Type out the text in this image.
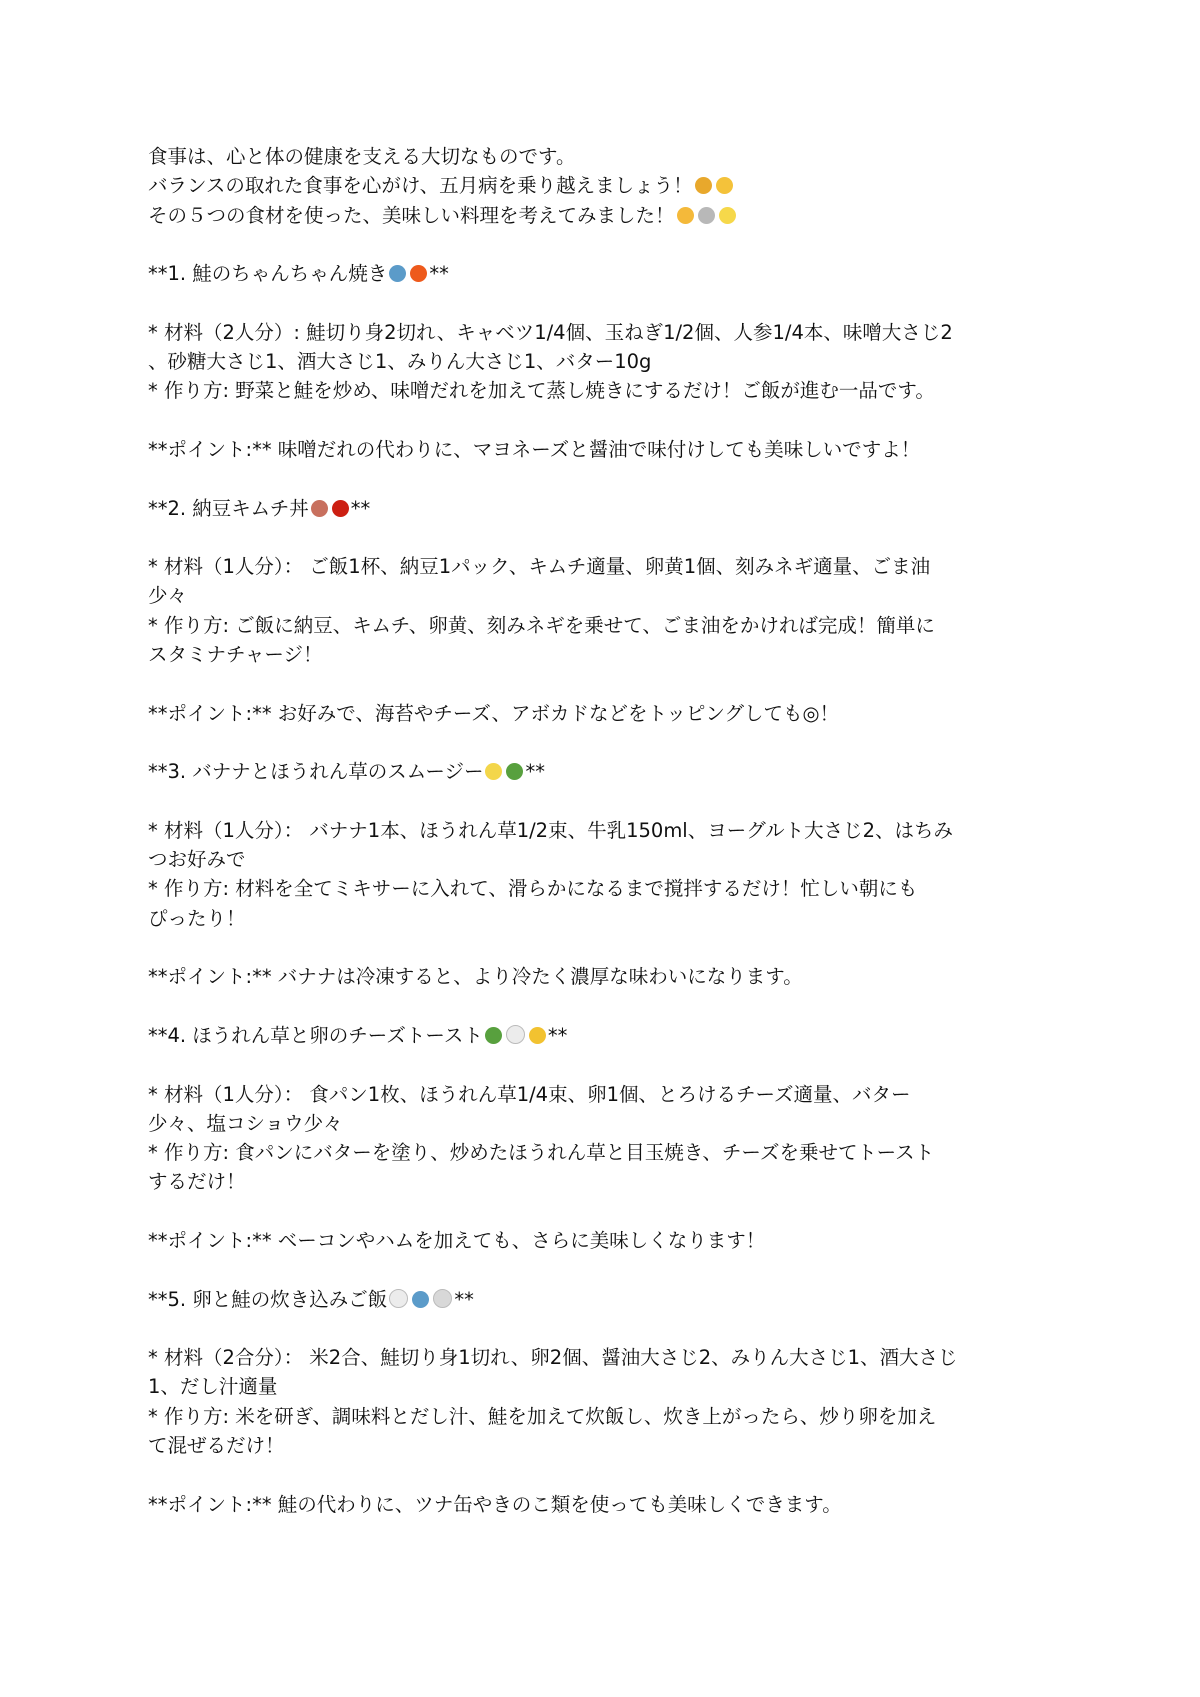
食事は、心と体の健康を支える大切なものです。
バランスの取れた食事を心がけ、五月病を乗り越えましょう！
その５つの食材を使った、美味しい料理を考えてみました！
**1. 鮭のちゃんちゃん焼き **
* 材料（2人分）: 鮭切り身2切れ、キャベツ1/4個、玉ねぎ1/2個、人参1/4本、味噌大さじ2
、砂糖大さじ1、酒大さじ1、みりん大さじ1、バター10g
* 作り方: 野菜と鮭を炒め、味噌だれを加えて蒸し焼きにするだけ！ご飯が進む一品です。
**ポイント:** 味噌だれの代わりに、マヨネーズと醤油で味付けしても美味しいですよ！
**2. 納豆キムチ丼 **
* 材料（1人分）： ご飯1杯、納豆1パック、キムチ適量、卵黄1個、刻みネギ適量、ごま油
少々
* 作り方: ご飯に納豆、キムチ、卵黄、刻みネギを乗せて、ごま油をかければ完成！簡単に
スタミナチャージ！
**ポイント:** お好みで、海苔やチーズ、アボカドなどをトッピングしても◎！
**3. バナナとほうれん草のスムージー **
* 材料（1人分）： バナナ1本、ほうれん草1/2束、牛乳150ml、ヨーグルト大さじ2、はちみ
つお好みで
* 作り方: 材料を全てミキサーに入れて、滑らかになるまで撹拌するだけ！忙しい朝にも
ぴったり！
**ポイント:** バナナは冷凍すると、より冷たく濃厚な味わいになります。
**4. ほうれん草と卵のチーズトースト	**
* 材料（1人分）： 食パン1枚、ほうれん草1/4束、卵1個、とろけるチーズ適量、バター
少々、塩コショウ少々
* 作り方: 食パンにバターを塗り、炒めたほうれん草と目玉焼き、チーズを乗せてトースト
するだけ！
**ポイント:** ベーコンやハムを加えても、さらに美味しくなります！
**5. 卵と鮭の炊き込みご飯	**
* 材料（2合分）： 米2合、鮭切り身1切れ、卵2個、醤油大さじ2、みりん大さじ1、酒大さじ
1、だし汁適量
* 作り方: 米を研ぎ、調味料とだし汁、鮭を加えて炊飯し、炊き上がったら、炒り卵を加え
て混ぜるだけ！
**ポイント:** 鮭の代わりに、ツナ缶やきのこ類を使っても美味しくできます。
